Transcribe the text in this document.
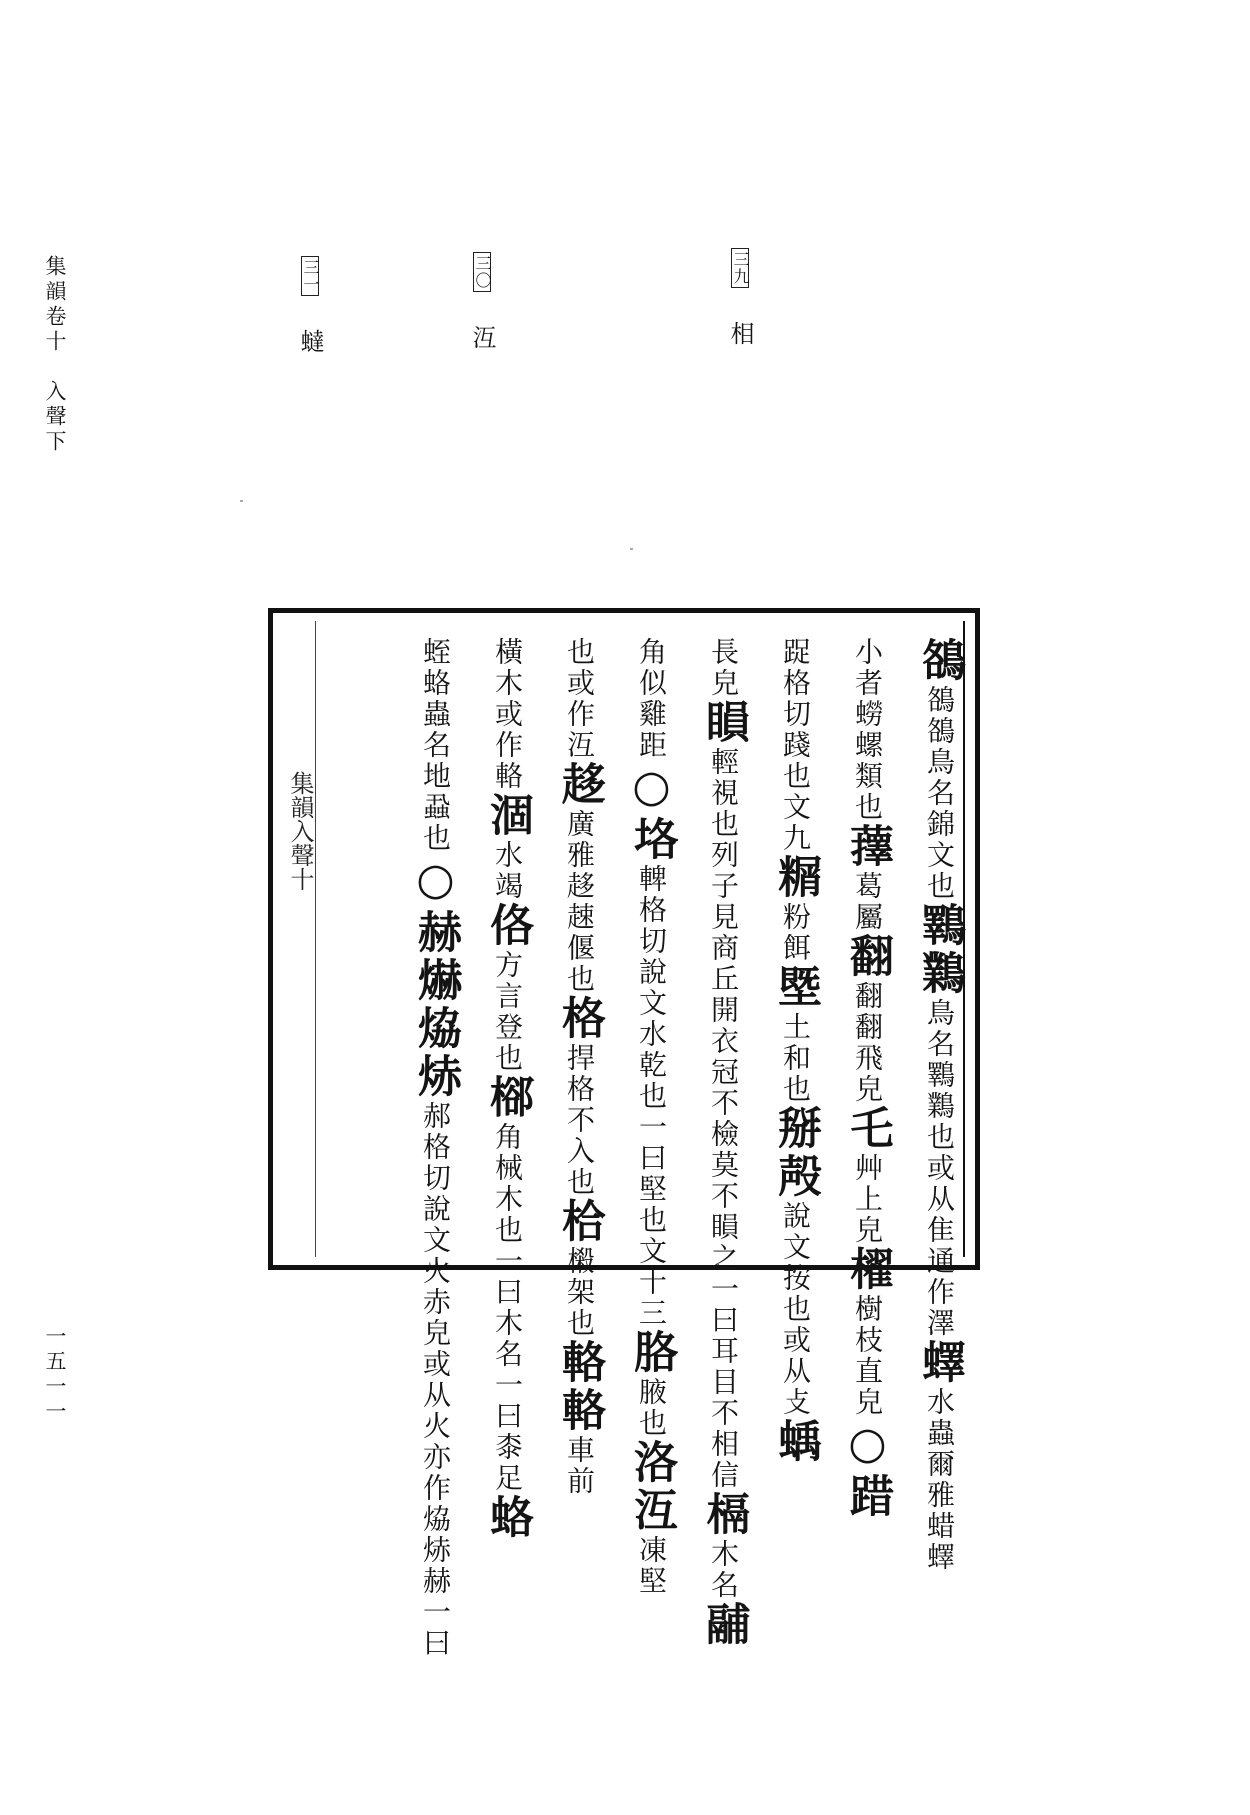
集韻卷十　入聲下
一五一一
三九 相
三〇 沍
三一 蟽
集韻入聲十
鵅鵅鵅鳥名錦文也鸅鸈鳥名鸅鸈也或从隹通作澤蠌水蟲爾雅蜡蠌
小者蟧螺類也蘀葛屬翻翻翻飛皃乇艸上皃櫂樹枝直皃○踖
踀格切踐也文九糏粉餌塈土和也掰殸說文按也或从攴蝺
長皃䁚輕視也列子見商丘開衣冠不檢莫不䁚之一曰耳目不相信槅木名鬴
角似雞距○垎䡟格切說文水乾也一曰堅也文十三胳腋也洛沍凍堅
也或作沍趍廣雅趍趚偃也格捍格不入也㭘樧架也輅輅車前
橫木或作輅涸水竭佫方言登也㮝角械木也一曰木名一曰桼足蛒
蛭蛒蟲名地蝨也○赫爀㶸焃郝格切說文火赤皃或从火亦作㶸焃赫一曰
